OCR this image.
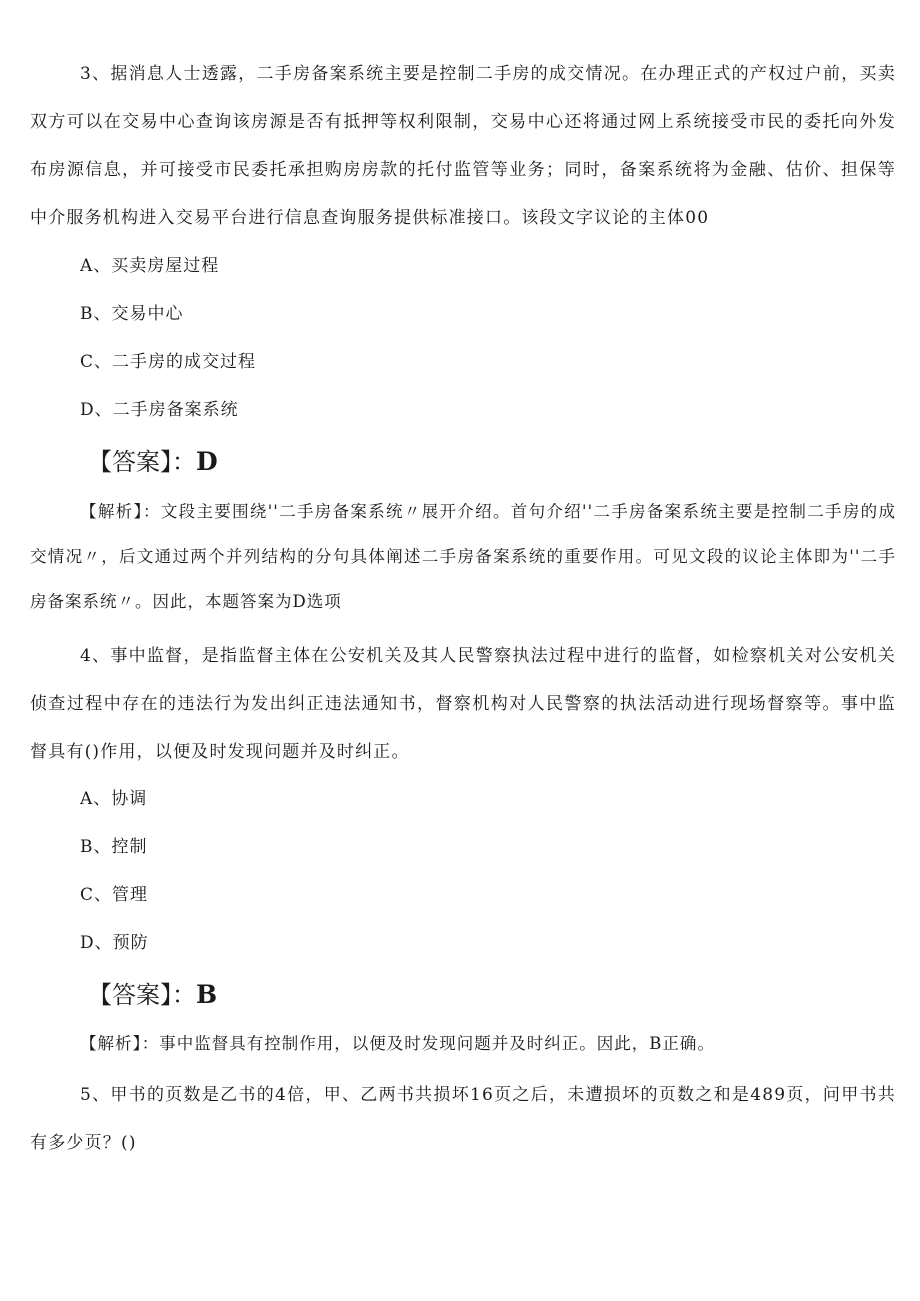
3、据消息人士透露，二手房备案系统主要是控制二手房的成交情况。在办理正式的产权过户前，买卖双方可以在交易中心查询该房源是否有抵押等权利限制，交易中心还将通过网上系统接受市民的委托向外发布房源信息，并可接受市民委托承担购房房款的托付监管等业务；同时，备案系统将为金融、估价、担保等中介服务机构进入交易平台进行信息查询服务提供标准接口。该段文字议论的主体00

A、买卖房屋过程

B、交易中心

C、二手房的成交过程

D、二手房备案系统

【答案】：D

【解析】：文段主要围绕''二手房备案系统〃展开介绍。首句介绍''二手房备案系统主要是控制二手房的成交情况〃，后文通过两个并列结构的分句具体阐述二手房备案系统的重要作用。可见文段的议论主体即为''二手房备案系统〃。因此，本题答案为D选项

4、事中监督，是指监督主体在公安机关及其人民警察执法过程中进行的监督，如检察机关对公安机关侦查过程中存在的违法行为发出纠正违法通知书，督察机构对人民警察的执法活动进行现场督察等。事中监督具有()作用，以便及时发现问题并及时纠正。

A、协调

B、控制

C、管理

D、预防

【答案】：B

【解析】：事中监督具有控制作用，以便及时发现问题并及时纠正。因此，B正确。

5、甲书的页数是乙书的4倍，甲、乙两书共损坏16页之后，未遭损坏的页数之和是489页，问甲书共有多少页？()
